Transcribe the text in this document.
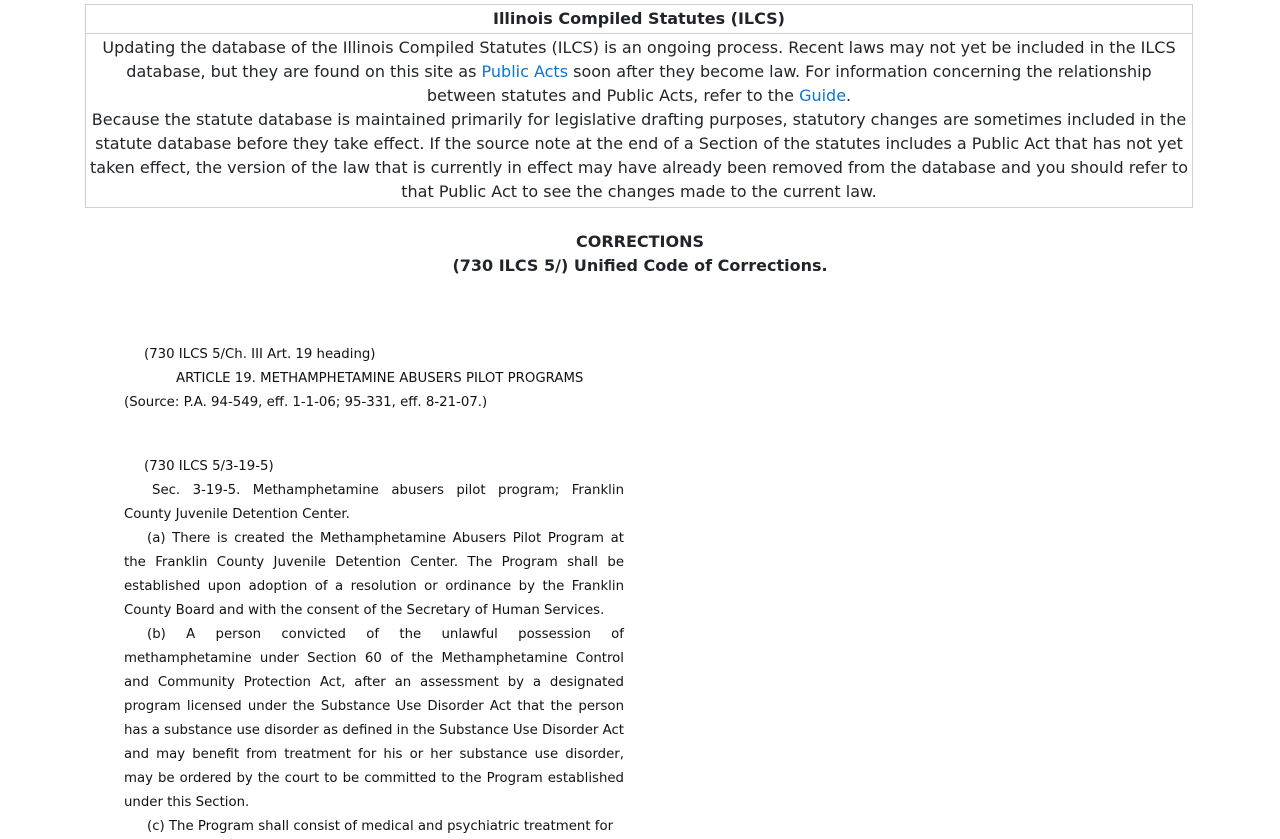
Illinois Compiled Statutes (ILCS)

Updating the database of the Illinois Compiled Statutes (ILCS) is an ongoing process. Recent laws may not yet be included in the ILCS database, but they are found on this site as Public Acts soon after they become law. For information concerning the relationship between statutes and Public Acts, refer to the Guide.

Because the statute database is maintained primarily for legislative drafting purposes, statutory changes are sometimes included in the statute database before they take effect. If the source note at the end of a Section of the statutes includes a Public Act that has not yet taken effect, the version of the law that is currently in effect may have already been removed from the database and you should refer to that Public Act to see the changes made to the current law.

CORRECTIONS
(730 ILCS 5/) Unified Code of Corrections.
(730 ILCS 5/Ch. III Art. 19 heading)
ARTICLE 19. METHAMPHETAMINE ABUSERS PILOT PROGRAMS
(Source: P.A. 94-549, eff. 1-1-06; 95-331, eff. 8-21-07.)
(730 ILCS 5/3-19-5)

Sec. 3-19-5. Methamphetamine abusers pilot program; Franklin County Juvenile Detention Center.

(a) There is created the Methamphetamine Abusers Pilot Program at the Franklin County Juvenile Detention Center. The Program shall be established upon adoption of a resolution or ordinance by the Franklin County Board and with the consent of the Secretary of Human Services.

(b) A person convicted of the unlawful possession of methamphetamine under Section 60 of the Methamphetamine Control and Community Protection Act, after an assessment by a designated program licensed under the Substance Use Disorder Act that the person has a substance use disorder as defined in the Substance Use Disorder Act and may benefit from treatment for his or her substance use disorder, may be ordered by the court to be committed to the Program established under this Section.

(c) The Program shall consist of medical and psychiatric treatment for
